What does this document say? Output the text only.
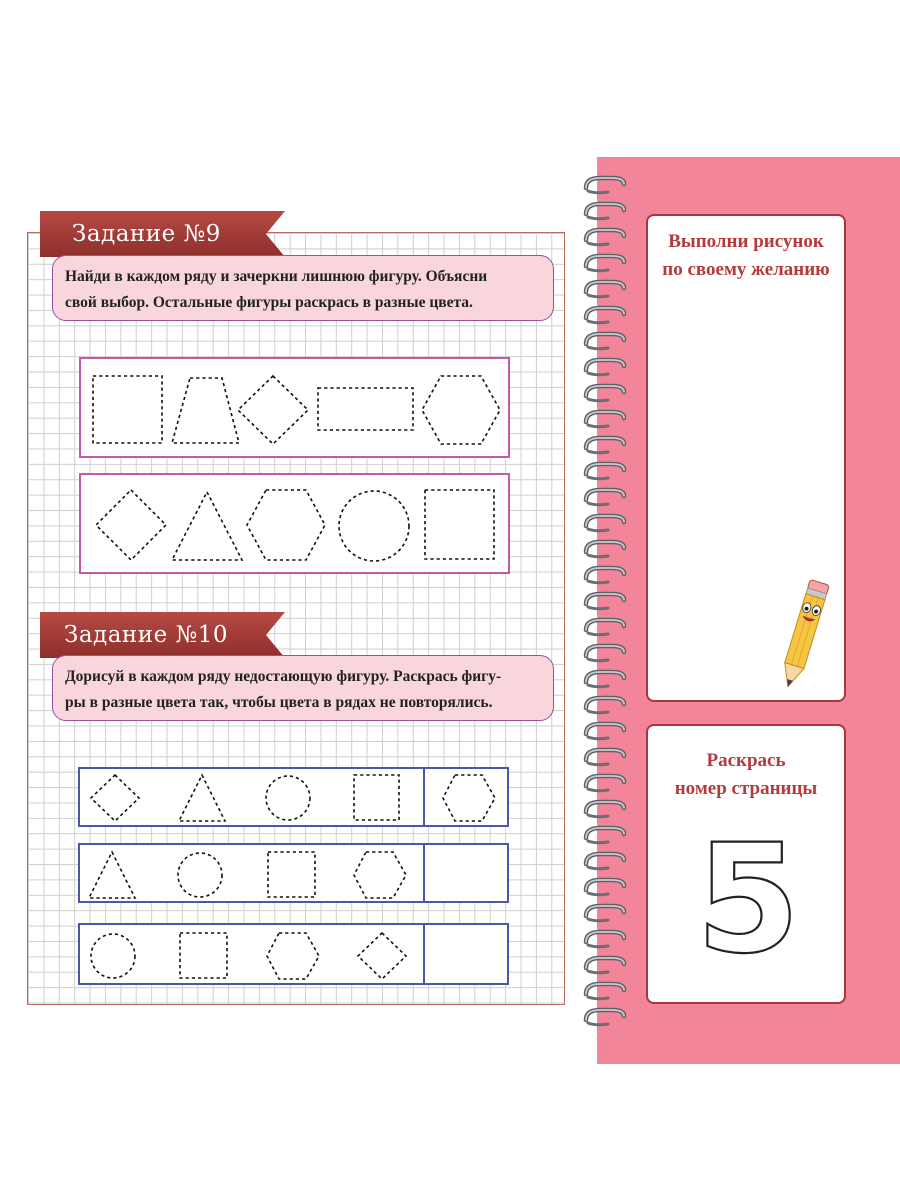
Задание №9
Найди в каждом ряду и зачеркни лишнюю фигуру. Объясни
свой выбор. Остальные фигуры раскрась в разные цвета.
Задание №10
Дорисуй в каждом ряду недостающую фигуру. Раскрась фигу-
ры в разные цвета так, чтобы цвета в рядах не повторялись.
Выполни рисунок
по своему желанию
Раскрась
номер страницы
5
